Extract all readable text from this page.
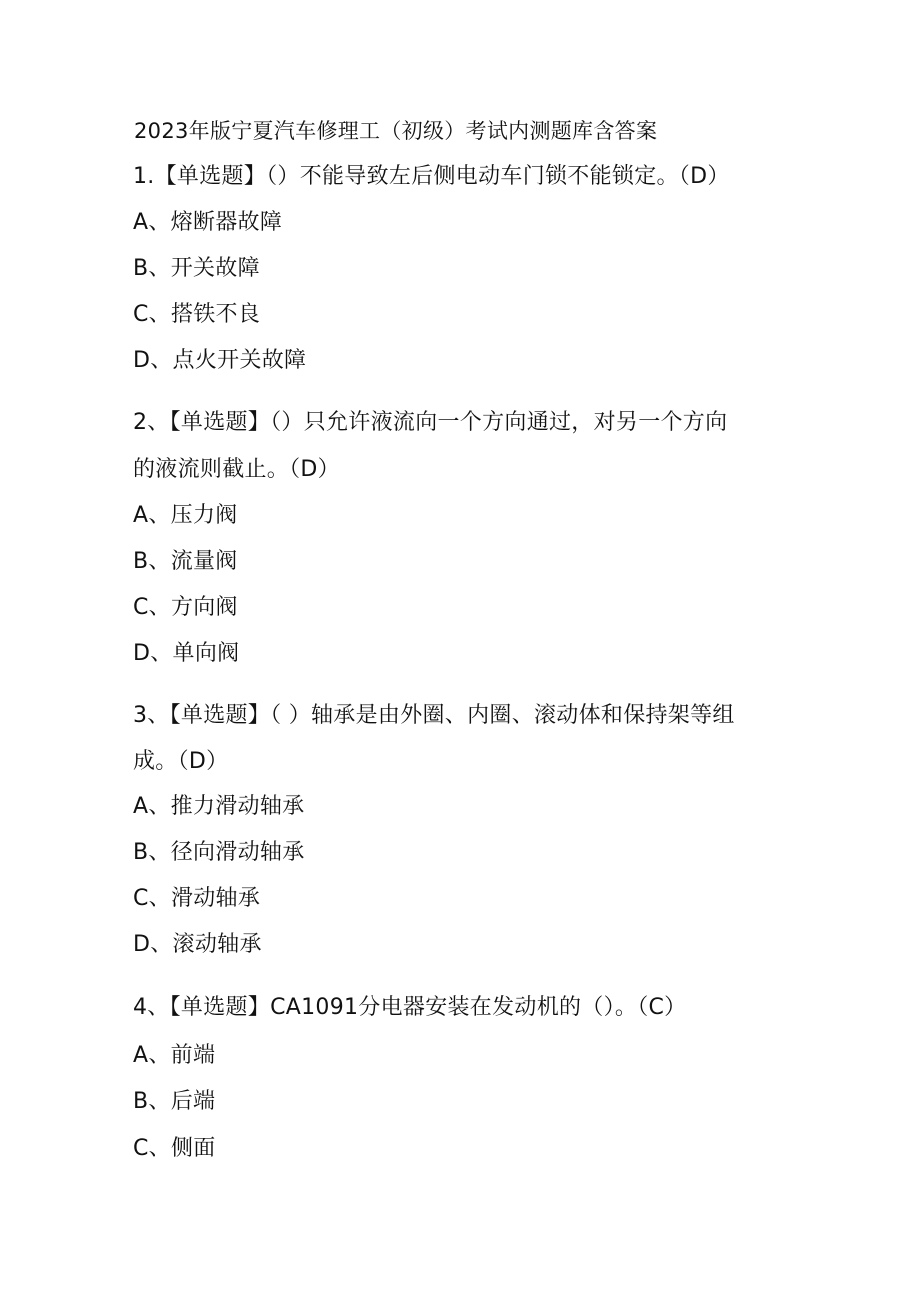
2023年版宁夏汽车修理工（初级）考试内测题库含答案
1.【单选题】（）不能导致左后侧电动车门锁不能锁定。（D）
A、熔断器故障
B、开关故障
C、搭铁不良
D、点火开关故障
2、【单选题】（）只允许液流向一个方向通过，对另一个方向
的液流则截止。（D）
A、压力阀
B、流量阀
C、方向阀
D、单向阀
3、【单选题】（ ）轴承是由外圈、内圈、滚动体和保持架等组
成。（D）
A、推力滑动轴承
B、径向滑动轴承
C、滑动轴承
D、滚动轴承
4、【单选题】CA1091分电器安装在发动机的（）。（C）
A、前端
B、后端
C、侧面
